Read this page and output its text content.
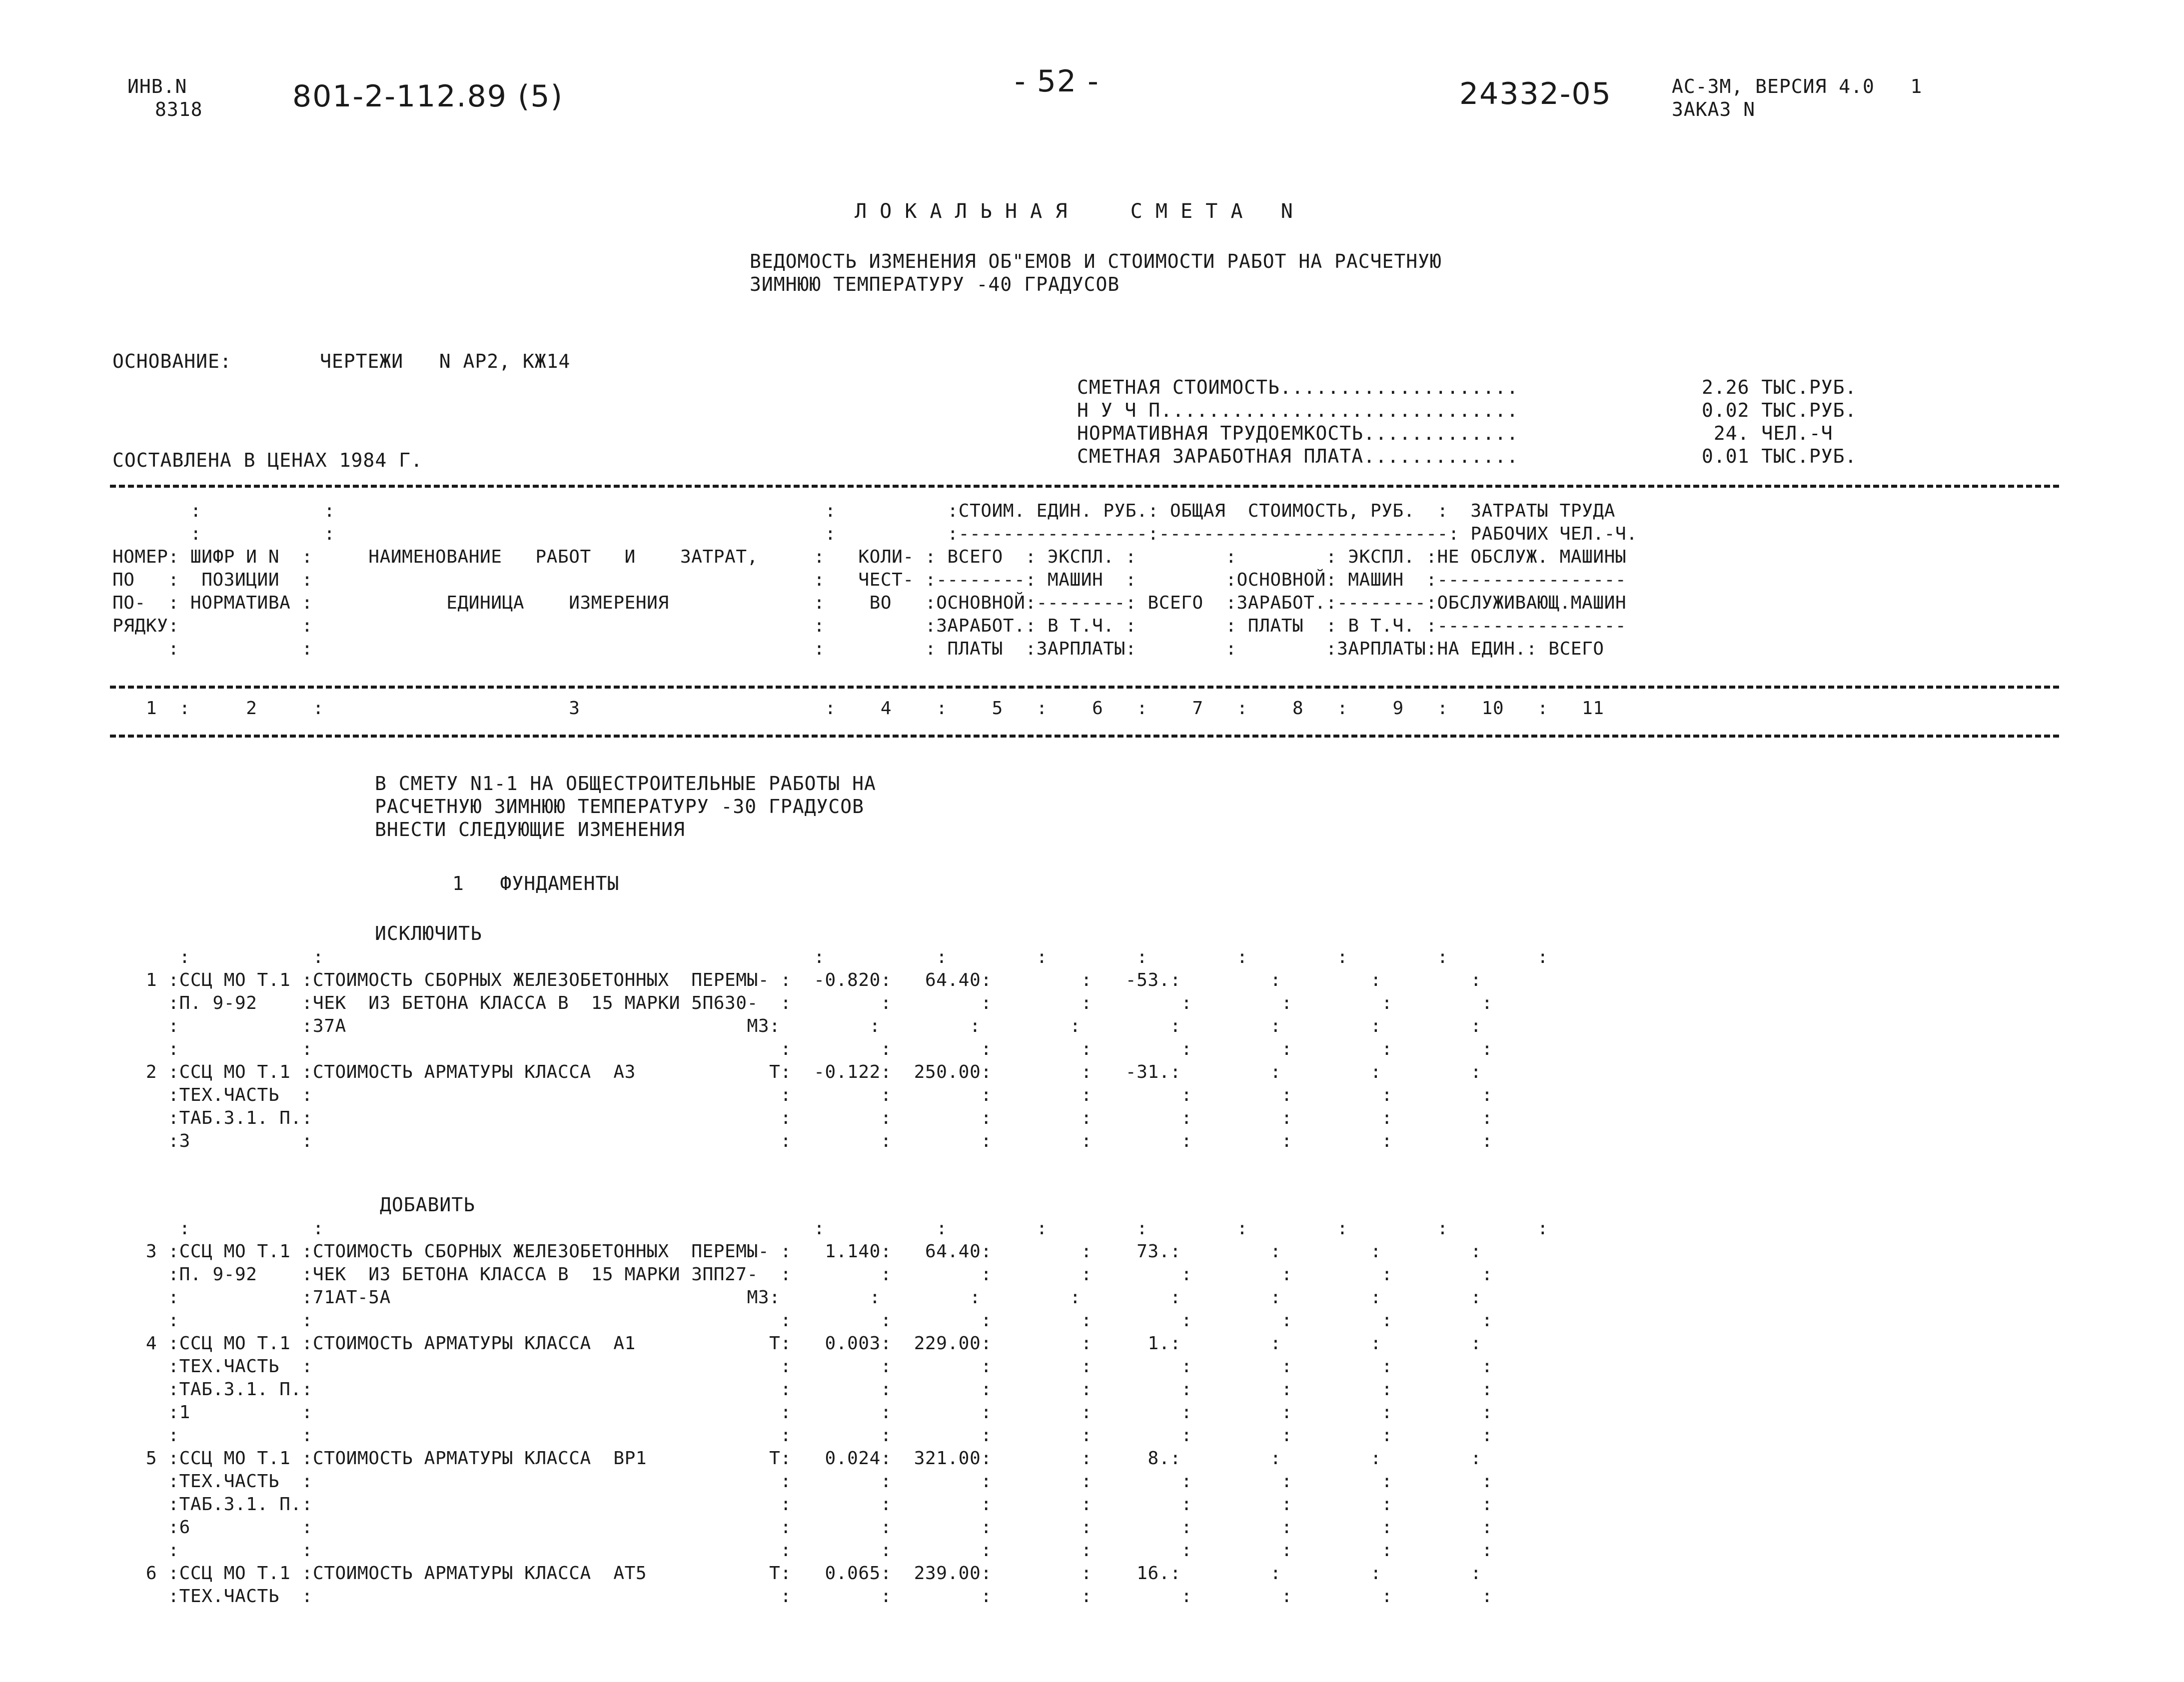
ИНВ.N
8318	801-2-112.89 (5)	- 52 -	24332-05	АС-3М, ВЕРСИЯ 4.0   1
ЗАКАЗ N
Л О К А Л Ь Н А Я     С М Е Т А   N
ВЕДОМОСТЬ ИЗМЕНЕНИЯ ОБ"ЕМОВ И СТОИМОСТИ РАБОТ НА РАСЧЕТНУЮ
ЗИМНЮЮ ТЕМПЕРАТУРУ -40 ГРАДУСОВ
ОСНОВАНИЕ:	ЧЕРТЕЖИ   N АР2, КЖ14
СОСТАВЛЕНА В ЦЕНАХ 1984 Г.
СМЕТНАЯ СТОИМОСТЬ....................	2.26 ТЫС.РУБ.
Н У Ч П..............................	0.02 ТЫС.РУБ.
НОРМАТИВНАЯ ТРУДОЕМКОСТЬ.............	24. ЧЕЛ.-Ч
СМЕТНАЯ ЗАРАБОТНАЯ ПЛАТА.............	0.01 ТЫС.РУБ.
:           :                                            :          :СТОИМ. ЕДИН. РУБ.: ОБЩАЯ  СТОИМОСТЬ, РУБ.  :  ЗАТРАТЫ ТРУДА
:           :                                            :          :-----------------:--------------------------: РАБОЧИХ ЧЕЛ.-Ч.
НОМЕР: ШИФР И N  :     НАИМЕНОВАНИЕ   РАБОТ   И    ЗАТРАТ,     :   КОЛИ- : ВСЕГО  : ЭКСПЛ. :        :        : ЭКСПЛ. :НЕ ОБСЛУЖ. МАШИНЫ
ПО   :  ПОЗИЦИИ  :                                             :   ЧЕСТ- :--------: МАШИН  :        :ОСНОВНОЙ: МАШИН  :-----------------
ПО-  : НОРМАТИВА :            ЕДИНИЦА    ИЗМЕРЕНИЯ             :    ВО   :ОСНОВНОЙ:--------: ВСЕГО  :ЗАРАБОТ.:--------:ОБСЛУЖИВАЮЩ.МАШИН
РЯДКУ:           :                                             :         :ЗАРАБОТ.: В Т.Ч. :        : ПЛАТЫ  : В Т.Ч. :-----------------
:           :                                             :         : ПЛАТЫ  :ЗАРПЛАТЫ:        :        :ЗАРПЛАТЫ:НА ЕДИН.: ВСЕГО
1  :     2     :                      3                      :    4    :    5   :    6   :    7   :    8   :    9   :   10   :   11
В СМЕТУ N1-1 НА ОБЩЕСТРОИТЕЛЬНЫЕ РАБОТЫ НА
РАСЧЕТНУЮ ЗИМНЮЮ ТЕМПЕРАТУРУ -30 ГРАДУСОВ
ВНЕСТИ СЛЕДУЮЩИЕ ИЗМЕНЕНИЯ
1   ФУНДАМЕНТЫ
ИСКЛЮЧИТЬ
:           :                                            :          :        :        :        :        :        :        :
1 :ССЦ МО Т.1 :СТОИМОСТЬ СБОРНЫХ ЖЕЛЕЗОБЕТОННЫХ  ПЕРЕМЫ- :  -0.820:   64.40:        :   -53.:        :        :        :
:П. 9-92    :ЧЕК  ИЗ БЕТОНА КЛАССА В  15 МАРКИ 5П630-  :        :        :        :        :        :        :        :
:           :37А                                    М3:        :        :        :        :        :        :        :
:           :                                          :        :        :        :        :        :        :        :
2 :ССЦ МО Т.1 :СТОИМОСТЬ АРМАТУРЫ КЛАССА  А3            Т:  -0.122:  250.00:        :   -31.:        :        :        :
:ТЕХ.ЧАСТЬ  :                                          :        :        :        :        :        :        :        :
:ТАБ.3.1. П.:                                          :        :        :        :        :        :        :        :
:3          :                                          :        :        :        :        :        :        :        :
ДОБАВИТЬ
:           :                                            :          :        :        :        :        :        :        :
3 :ССЦ МО Т.1 :СТОИМОСТЬ СБОРНЫХ ЖЕЛЕЗОБЕТОННЫХ  ПЕРЕМЫ- :   1.140:   64.40:        :    73.:        :        :        :
:П. 9-92    :ЧЕК  ИЗ БЕТОНА КЛАССА В  15 МАРКИ 3ПП27-  :        :        :        :        :        :        :        :
:           :71АТ-5А                                М3:        :        :        :        :        :        :        :
:           :                                          :        :        :        :        :        :        :        :
4 :ССЦ МО Т.1 :СТОИМОСТЬ АРМАТУРЫ КЛАССА  А1            Т:   0.003:  229.00:        :     1.:        :        :        :
:ТЕХ.ЧАСТЬ  :                                          :        :        :        :        :        :        :        :
:ТАБ.3.1. П.:                                          :        :        :        :        :        :        :        :
:1          :                                          :        :        :        :        :        :        :        :
:           :                                          :        :        :        :        :        :        :        :
5 :ССЦ МО Т.1 :СТОИМОСТЬ АРМАТУРЫ КЛАССА  ВР1           Т:   0.024:  321.00:        :     8.:        :        :        :
:ТЕХ.ЧАСТЬ  :                                          :        :        :        :        :        :        :        :
:ТАБ.3.1. П.:                                          :        :        :        :        :        :        :        :
:6          :                                          :        :        :        :        :        :        :        :
:           :                                          :        :        :        :        :        :        :        :
6 :ССЦ МО Т.1 :СТОИМОСТЬ АРМАТУРЫ КЛАССА  АТ5           Т:   0.065:  239.00:        :    16.:        :        :        :
:ТЕХ.ЧАСТЬ  :                                          :        :        :        :        :        :        :        :
